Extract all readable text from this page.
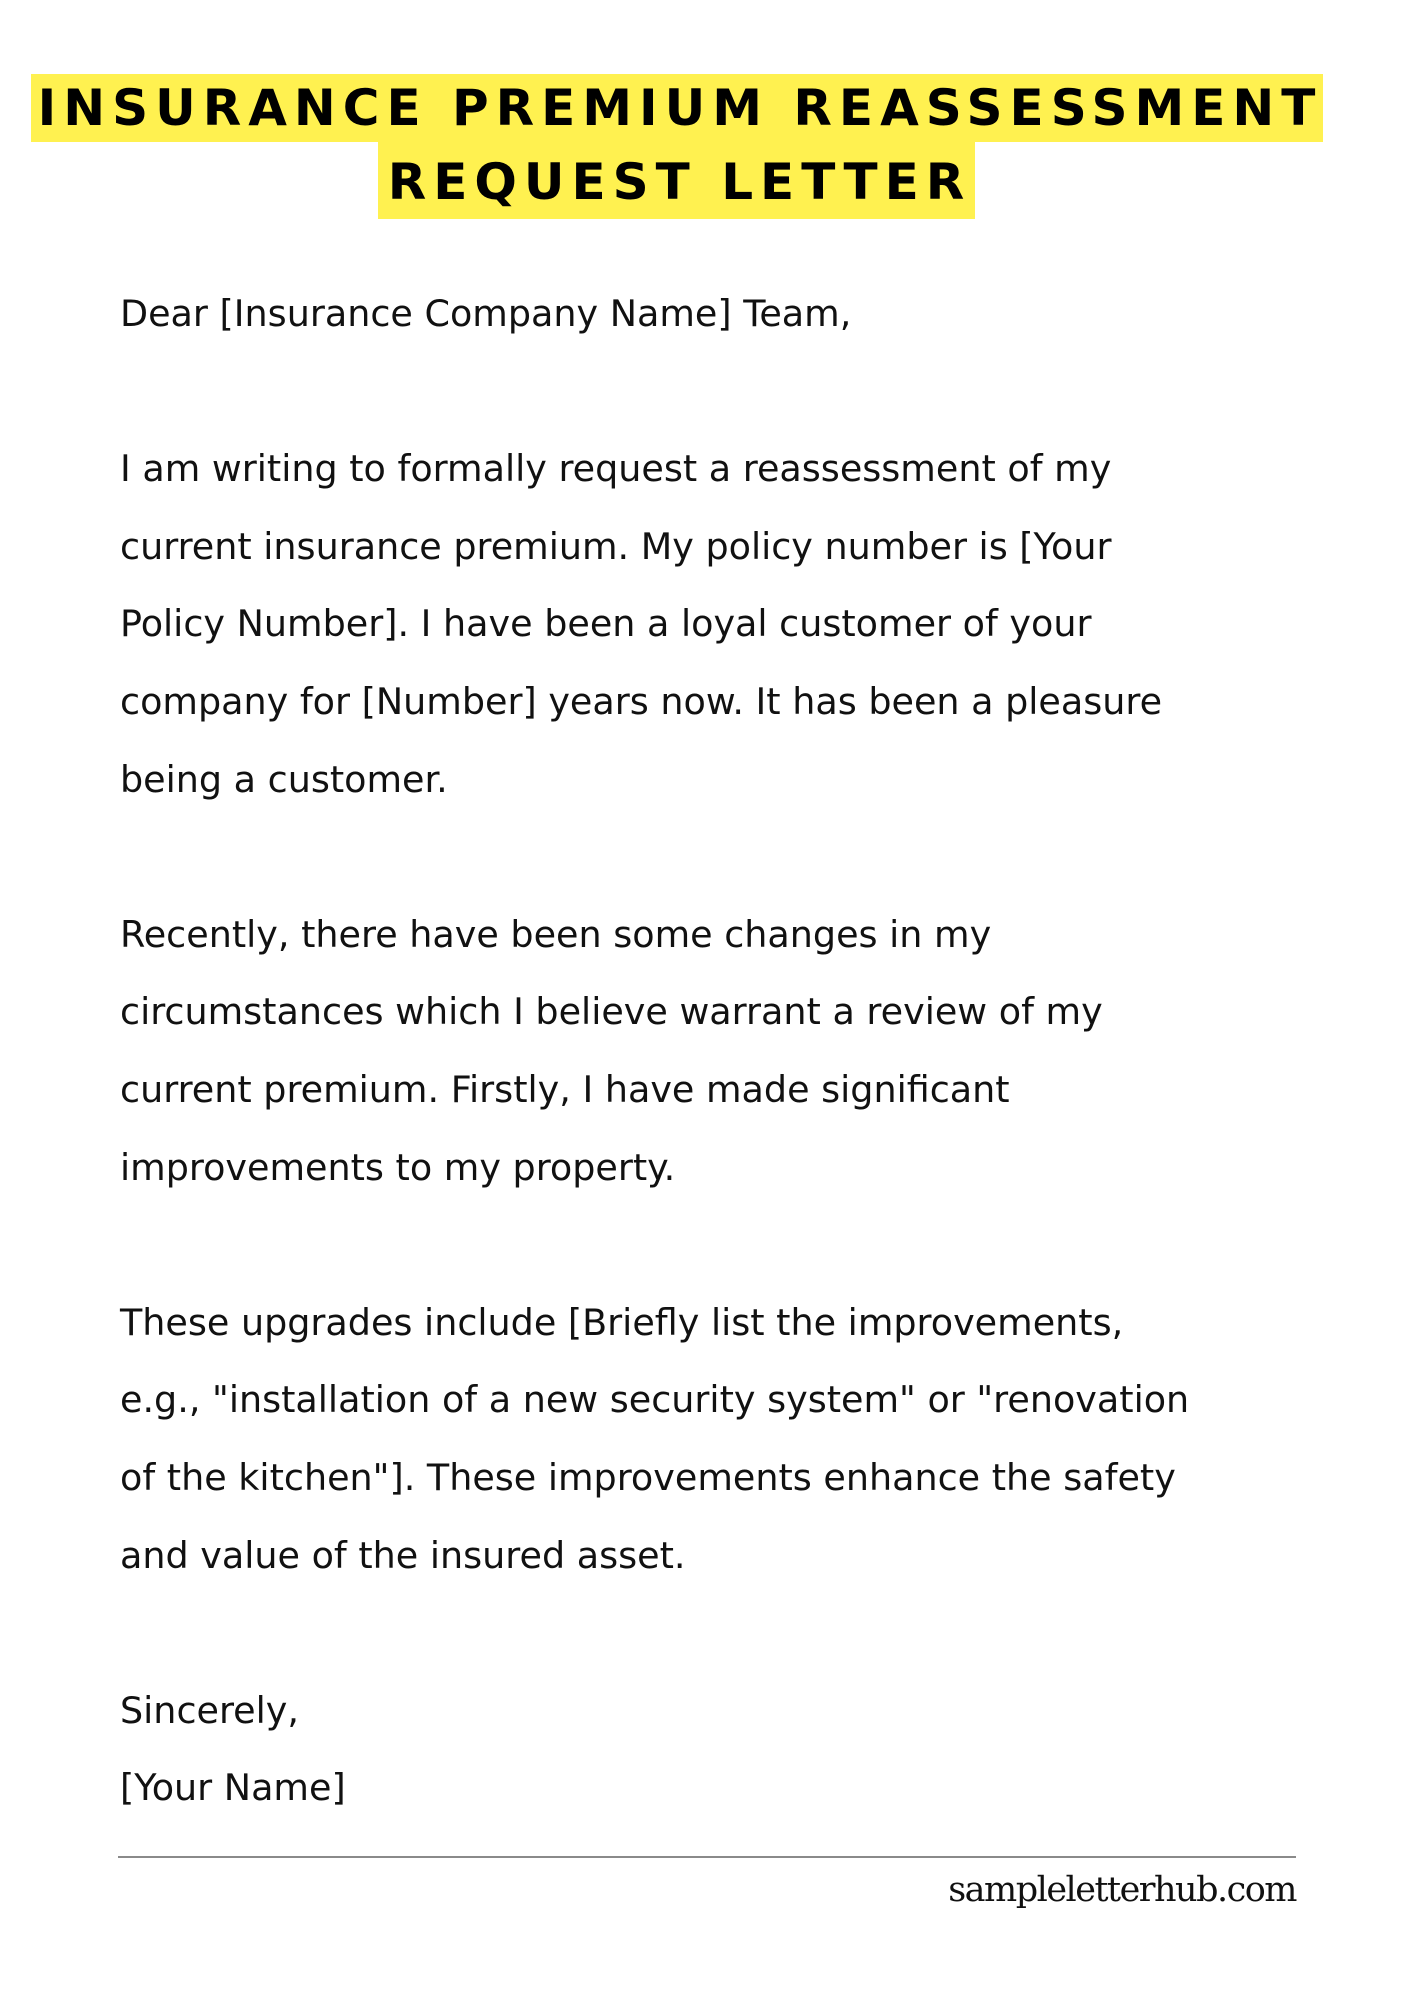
INSURANCE PREMIUM REASSESSMENT
REQUEST LETTER
Dear [Insurance Company Name] Team,
I am writing to formally request a reassessment of my
current insurance premium. My policy number is [Your
Policy Number]. I have been a loyal customer of your
company for [Number] years now. It has been a pleasure
being a customer.
Recently, there have been some changes in my
circumstances which I believe warrant a review of my
current premium. Firstly, I have made significant
improvements to my property.
These upgrades include [Briefly list the improvements,
e.g., "installation of a new security system" or "renovation
of the kitchen"]. These improvements enhance the safety
and value of the insured asset.
Sincerely,
[Your Name]
sampleletterhub.com
